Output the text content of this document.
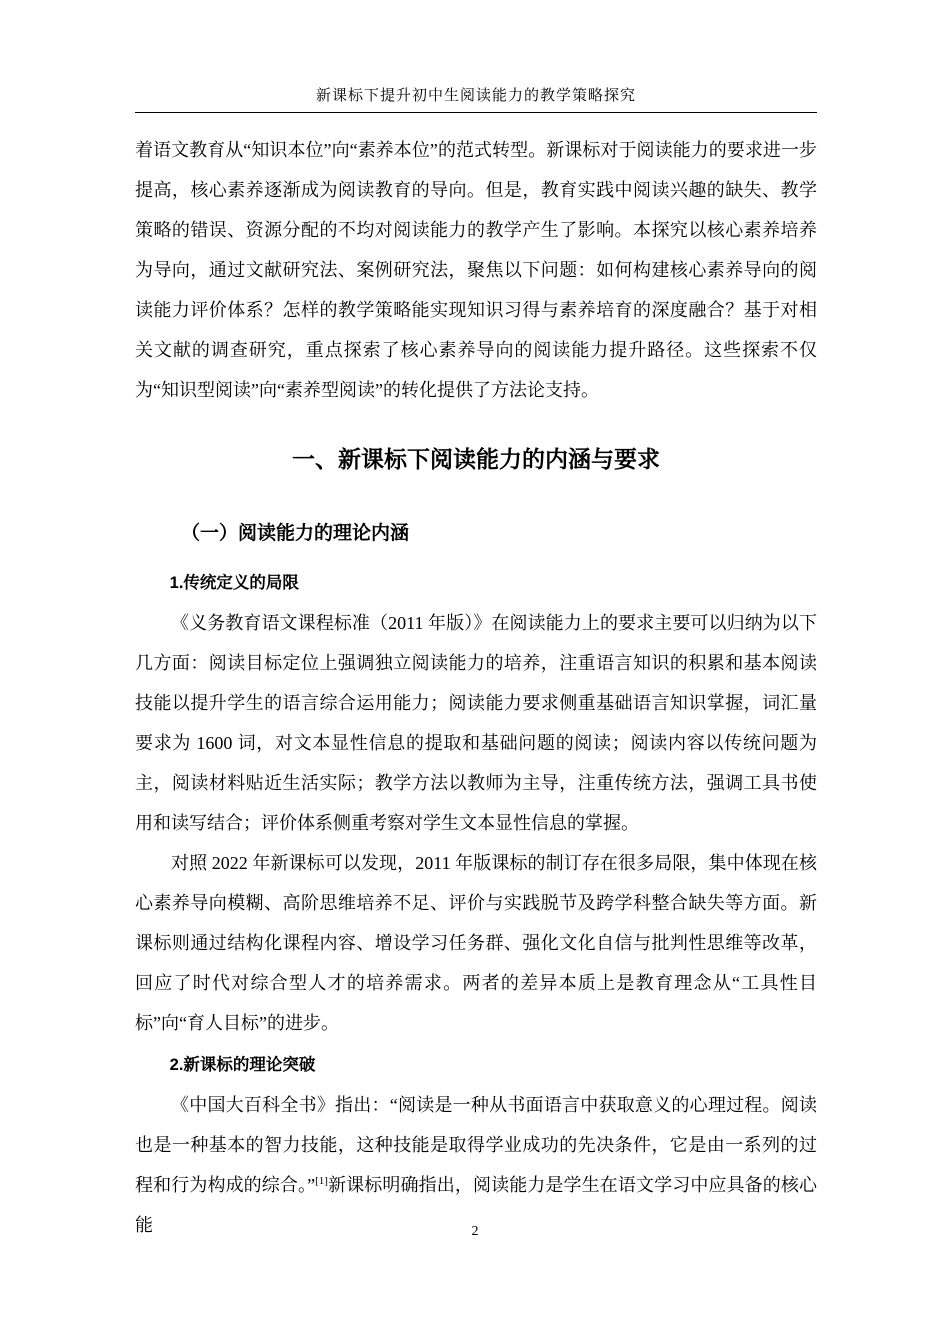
新课标下提升初中生阅读能力的教学策略探究

着语文教育从“知识本位”向“素养本位”的范式转型。新课标对于阅读能力的要求进一步提高，核心素养逐渐成为阅读教育的导向。但是，教育实践中阅读兴趣的缺失、教学策略的错误、资源分配的不均对阅读能力的教学产生了影响。本探究以核心素养培养为导向，通过文献研究法、案例研究法，聚焦以下问题：如何构建核心素养导向的阅读能力评价体系？怎样的教学策略能实现知识习得与素养培育的深度融合？基于对相关文献的调查研究，重点探索了核心素养导向的阅读能力提升路径。这些探索不仅为“知识型阅读”向“素养型阅读”的转化提供了方法论支持。

一、新课标下阅读能力的内涵与要求
（一）阅读能力的理论内涵
1.传统定义的局限

《义务教育语文课程标准（2011 年版）》在阅读能力上的要求主要可以归纳为以下几方面：阅读目标定位上强调独立阅读能力的培养，注重语言知识的积累和基本阅读技能以提升学生的语言综合运用能力；阅读能力要求侧重基础语言知识掌握，词汇量要求为 1600 词，对文本显性信息的提取和基础问题的阅读；阅读内容以传统问题为主，阅读材料贴近生活实际；教学方法以教师为主导，注重传统方法，强调工具书使用和读写结合；评价体系侧重考察对学生文本显性信息的掌握。

对照 2022 年新课标可以发现，2011 年版课标的制订存在很多局限，集中体现在核心素养导向模糊、高阶思维培养不足、评价与实践脱节及跨学科整合缺失等方面。新课标则通过结构化课程内容、增设学习任务群、强化文化自信与批判性思维等改革，回应了时代对综合型人才的培养需求。两者的差异本质上是教育理念从“工具性目标”向“育人目标”的进步。

2.新课标的理论突破

《中国大百科全书》指出：“阅读是一种从书面语言中获取意义的心理过程。阅读也是一种基本的智力技能，这种技能是取得学业成功的先决条件，它是由一系列的过程和行为构成的综合。”[1]新课标明确指出，阅读能力是学生在语文学习中应具备的核心能	2
